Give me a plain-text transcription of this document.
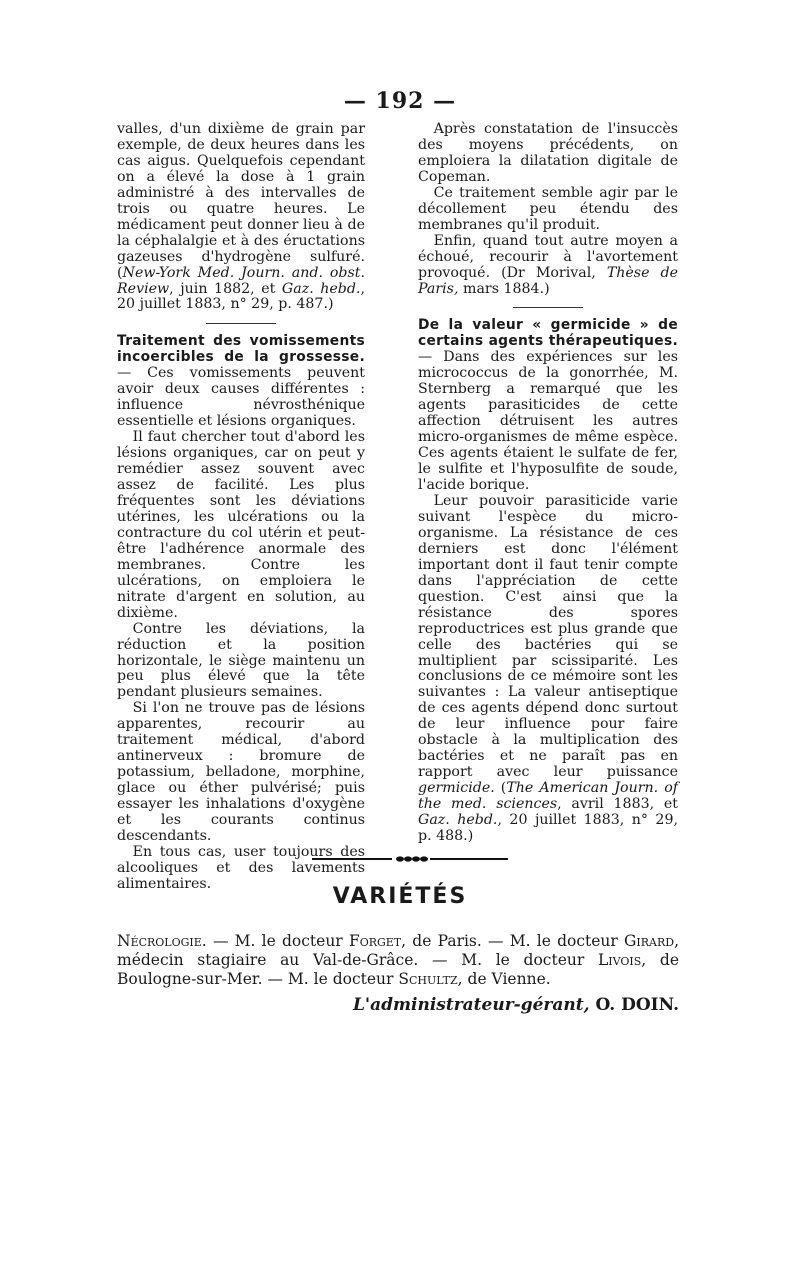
— 192 —

valles, d'un dixième de grain par exemple, de deux heures dans les cas aigus. Quelquefois cependant on a élevé la dose à 1 grain administré à des intervalles de trois ou quatre heures. Le médicament peut donner lieu à de la céphalalgie et à des éructations gazeuses d'hydrogène sulfuré. (New-York Med. Journ. and. obst. Review, juin 1882, et Gaz. hebd., 20 juillet 1883, n° 29, p. 487.)

Traitement des vomissements incoercibles de la grossesse. — Ces vomissements peuvent avoir deux causes différentes : influence névrosthénique essentielle et lésions organiques.

Il faut chercher tout d'abord les lésions organiques, car on peut y remédier assez souvent avec assez de facilité. Les plus fréquentes sont les déviations utérines, les ulcérations ou la contracture du col utérin et peut-être l'adhérence anormale des membranes. Contre les ulcérations, on emploiera le nitrate d'argent en solution, au dixième.

Contre les déviations, la réduction et la position horizontale, le siège maintenu un peu plus élevé que la tête pendant plusieurs semaines.

Si l'on ne trouve pas de lésions apparentes, recourir au traitement médical, d'abord antinerveux : bromure de potassium, belladone, morphine, glace ou éther pulvérisé; puis essayer les inhalations d'oxygène et les courants continus descendants.

En tous cas, user toujours des alcooliques et des lavements alimentaires.

Après constatation de l'insuccès des moyens précédents, on emploiera la dilatation digitale de Copeman.

Ce traitement semble agir par le décollement peu étendu des membranes qu'il produit.

Enfin, quand tout autre moyen a échoué, recourir à l'avortement provoqué. (Dr Morival, Thèse de Paris, mars 1884.)

De la valeur « germicide » de certains agents thérapeutiques. — Dans des expériences sur les micrococcus de la gonorrhée, M. Sternberg a remarqué que les agents parasiticides de cette affection détruisent les autres micro-organismes de même espèce. Ces agents étaient le sulfate de fer, le sulfite et l'hyposulfite de soude, l'acide borique.

Leur pouvoir parasiticide varie suivant l'espèce du micro-organisme. La résistance de ces derniers est donc l'élément important dont il faut tenir compte dans l'appréciation de cette question. C'est ainsi que la résistance des spores reproductrices est plus grande que celle des bactéries qui se multiplient par scissiparité. Les conclusions de ce mémoire sont les suivantes : La valeur antiseptique de ces agents dépend donc surtout de leur influence pour faire obstacle à la multiplication des bactéries et ne paraît pas en rapport avec leur puissance germicide. (The American Journ. of the med. sciences, avril 1883, et Gaz. hebd., 20 juillet 1883, n° 29, p. 488.)

VARIÉTÉS
Nécrologie. — M. le docteur Forget, de Paris. — M. le docteur Girard, médecin stagiaire au Val-de-Grâce. — M. le docteur Livois, de Boulogne-sur-Mer. — M. le docteur Schultz, de Vienne.
L'administrateur-gérant, O. DOIN.
